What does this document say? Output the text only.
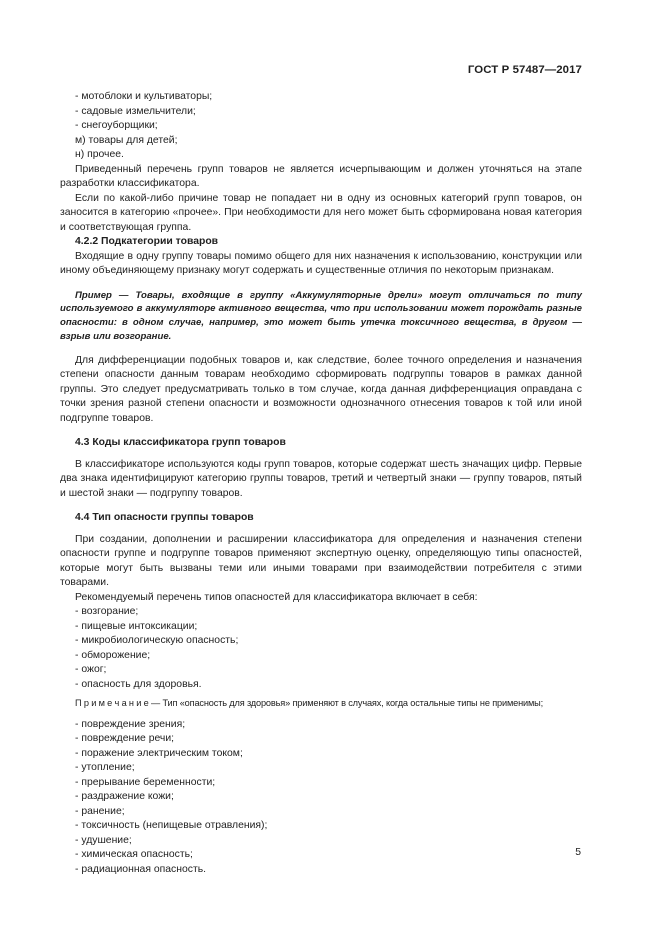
ГОСТ Р 57487—2017

- мотоблоки и культиваторы;

- садовые измельчители;

- снегоуборщики;

м) товары для детей;

н) прочее.

Приведенный перечень групп товаров не является исчерпывающим и должен уточняться на этапе разработки классификатора.

Если по какой-либо причине товар не попадает ни в одну из основных категорий групп товаров, он заносится в категорию «прочее». При необходимости для него может быть сформирована новая категория и соответствующая группа.

4.2.2 Подкатегории товаров

Входящие в одну группу товары помимо общего для них назначения к использованию, конструкции или иному объединяющему признаку могут содержать и существенные отличия по некоторым признакам.

Пример — Товары, входящие в группу «Аккумуляторные дрели» могут отличаться по типу используемого в аккумуляторе активного вещества, что при использовании может порождать разные опасности: в одном случае, например, это может быть утечка токсичного вещества, в другом — взрыв или возгорание.

Для дифференциации подобных товаров и, как следствие, более точного определения и назначения степени опасности данным товарам необходимо сформировать подгруппы товаров в рамках данной группы. Это следует предусматривать только в том случае, когда данная дифференциация оправдана с точки зрения разной степени опасности и возможности однозначного отнесения товаров к той или иной подгруппе товаров.

4.3 Коды классификатора групп товаров

В классификаторе используются коды групп товаров, которые содержат шесть значащих цифр. Первые два знака идентифицируют категорию группы товаров, третий и четвертый знаки — группу товаров, пятый и шестой знаки — подгруппу товаров.

4.4 Тип опасности группы товаров

При создании, дополнении и расширении классификатора для определения и назначения степени опасности группе и подгруппе товаров применяют экспертную оценку, определяющую типы опасностей, которые могут быть вызваны теми или иными товарами при взаимодействии потребителя с этими товарами.

Рекомендуемый перечень типов опасностей для классификатора включает в себя:

- возгорание;

- пищевые интоксикации;

- микробиологическую опасность;

- обморожение;

- ожог;

- опасность для здоровья.

П р и м е ч а н и е — Тип «опасность для здоровья» применяют в случаях, когда остальные типы не применимы;

- повреждение зрения;

- повреждение речи;

- поражение электрическим током;

- утопление;

- прерывание беременности;

- раздражение кожи;

- ранение;

- токсичность (непищевые отравления);

- удушение;

- химическая опасность;

- радиационная опасность.

5
